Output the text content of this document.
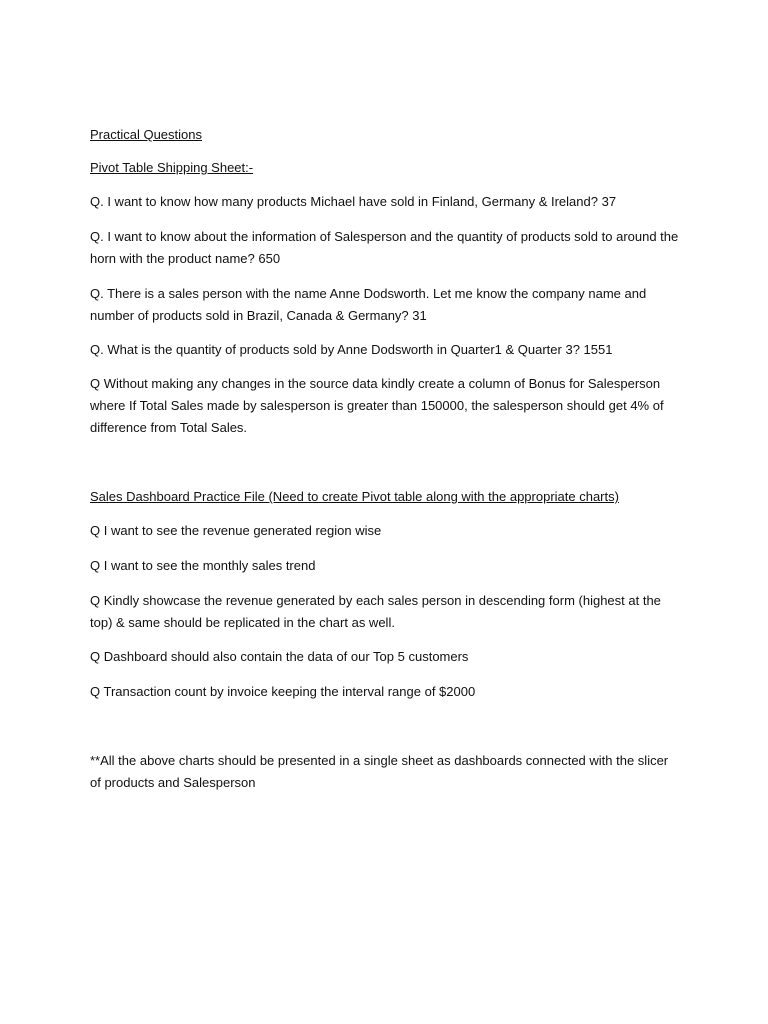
Practical Questions
Pivot Table Shipping Sheet:-
Q. I want to know how many products Michael have sold in Finland, Germany & Ireland? 37
Q. I want to know about the information of Salesperson and the quantity of products sold to around the horn with the product name? 650
Q. There is a sales person with the name Anne Dodsworth. Let me know the company name and number of products sold in Brazil, Canada & Germany? 31
Q. What is the quantity of products sold by Anne Dodsworth in Quarter1 & Quarter 3? 1551
Q Without making any changes in the source data kindly create a column of Bonus for Salesperson where If Total Sales made by salesperson is greater than 150000, the salesperson should get 4% of difference from Total Sales.
Sales Dashboard Practice File (Need to create Pivot table along with the appropriate charts)
Q I want to see the revenue generated region wise
Q I want to see the monthly sales trend
Q Kindly showcase the revenue generated by each sales person in descending form (highest at the top) & same should be replicated in the chart as well.
Q Dashboard should also contain the data of our Top 5 customers
Q Transaction count by invoice keeping the interval range of $2000
**All the above charts should be presented in a single sheet as dashboards connected with the slicer of products and Salesperson
